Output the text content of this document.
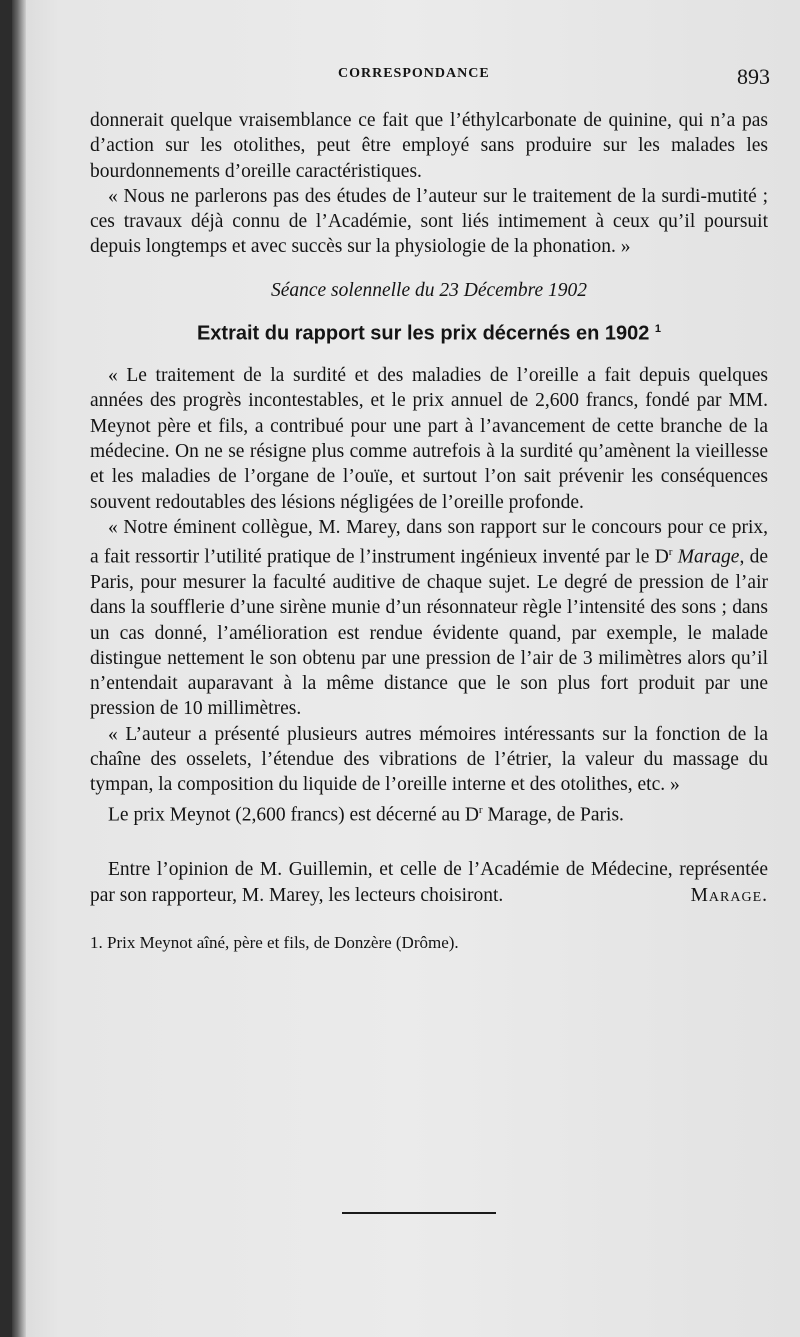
CORRESPONDANCE	893

donnerait quelque vraisemblance ce fait que l’éthylcarbonate de quinine, qui n’a pas d’action sur les otolithes, peut être employé sans produire sur les malades les bourdonnements d’oreille caractéristiques.

« Nous ne parlerons pas des études de l’auteur sur le traitement de la surdi-mutité ; ces travaux déjà connu de l’Académie, sont liés intimement à ceux qu’il poursuit depuis longtemps et avec succès sur la physiologie de la phonation. »

Séance solennelle du 23 Décembre 1902

Extrait du rapport sur les prix décernés en 1902 $^1$

« Le traitement de la surdité et des maladies de l’oreille a fait depuis quelques années des progrès incontestables, et le prix annuel de 2,600 francs, fondé par MM. Meynot père et fils, a contribué pour une part à l’avancement de cette branche de la médecine. On ne se résigne plus comme autrefois à la surdité qu’amènent la vieillesse et les maladies de l’organe de l’ouïe, et surtout l’on sait prévenir les conséquences souvent redoutables des lésions négligées de l’oreille profonde.

« Notre éminent collègue, M. Marey, dans son rapport sur le concours pour ce prix, a fait ressortir l’utilité pratique de l’instrument ingénieux inventé par le $D^r$ Marage, de Paris, pour mesurer la faculté auditive de chaque sujet. Le degré de pression de l’air dans la soufflerie d’une sirène munie d’un résonnateur règle l’intensité des sons ; dans un cas donné, l’amélioration est rendue évidente quand, par exemple, le malade distingue nettement le son obtenu par une pression de l’air de 3 milimètres alors qu’il n’entendait auparavant à la même distance que le son plus fort produit par une pression de 10 millimètres.

« L’auteur a présenté plusieurs autres mémoires intéressants sur la fonction de la chaîne des osselets, l’étendue des vibrations de l’étrier, la valeur du massage du tympan, la composition du liquide de l’oreille interne et des otolithes, etc. »

Le prix Meynot (2,600 francs) est décerné au $D^r$ Marage, de Paris.

Entre l’opinion de M. Guillemin, et celle de l’Académie de Médecine, représentée par son rapporteur, M. Marey, les lecteurs choisiront.	Marage.

1. Prix Meynot aîné, père et fils, de Donzère (Drôme).
